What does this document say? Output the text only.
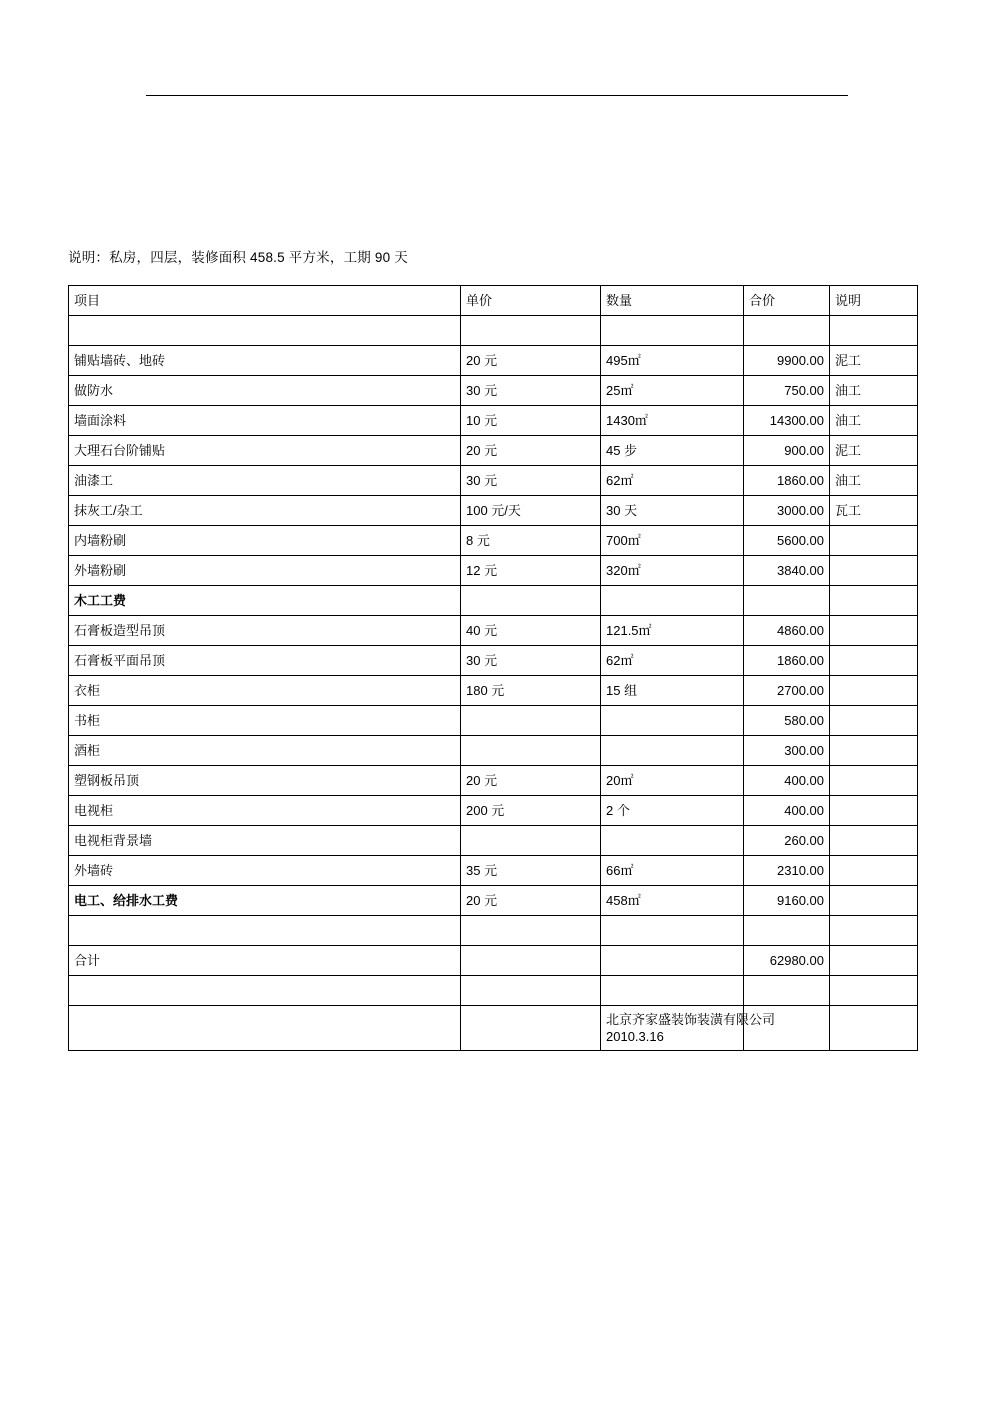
说明：私房，四层，装修面积 458.5 平方米，工期 90 天
项目	单价	数量	合价	说明

铺贴墙砖、地砖	20 元	495㎡	9900.00	泥工
做防水	30 元	25㎡	750.00	油工
墙面涂料	10 元	1430㎡	14300.00	油工
大理石台阶铺贴	20 元	45 步	900.00	泥工
油漆工	30 元	62㎡	1860.00	油工
抹灰工/杂工	100 元/天	30 天	3000.00	瓦工
内墙粉刷	8 元	700㎡	5600.00	
外墙粉刷	12 元	320㎡	3840.00	
木工工费				
石膏板造型吊顶	40 元	121.5㎡	4860.00	
石膏板平面吊顶	30 元	62㎡	1860.00	
衣柜	180 元	15 组	2700.00	
书柜			580.00	
酒柜			300.00	
塑钢板吊顶	20 元	20㎡	400.00	
电视柜	200 元	2 个	400.00	
电视柜背景墙			260.00	
外墙砖	35 元	66㎡	2310.00	
电工、给排水工费	20 元	458㎡	9160.00	

合计			62980.00	

		北京齐家盛装饰装潢有限公司
2010.3.16		
